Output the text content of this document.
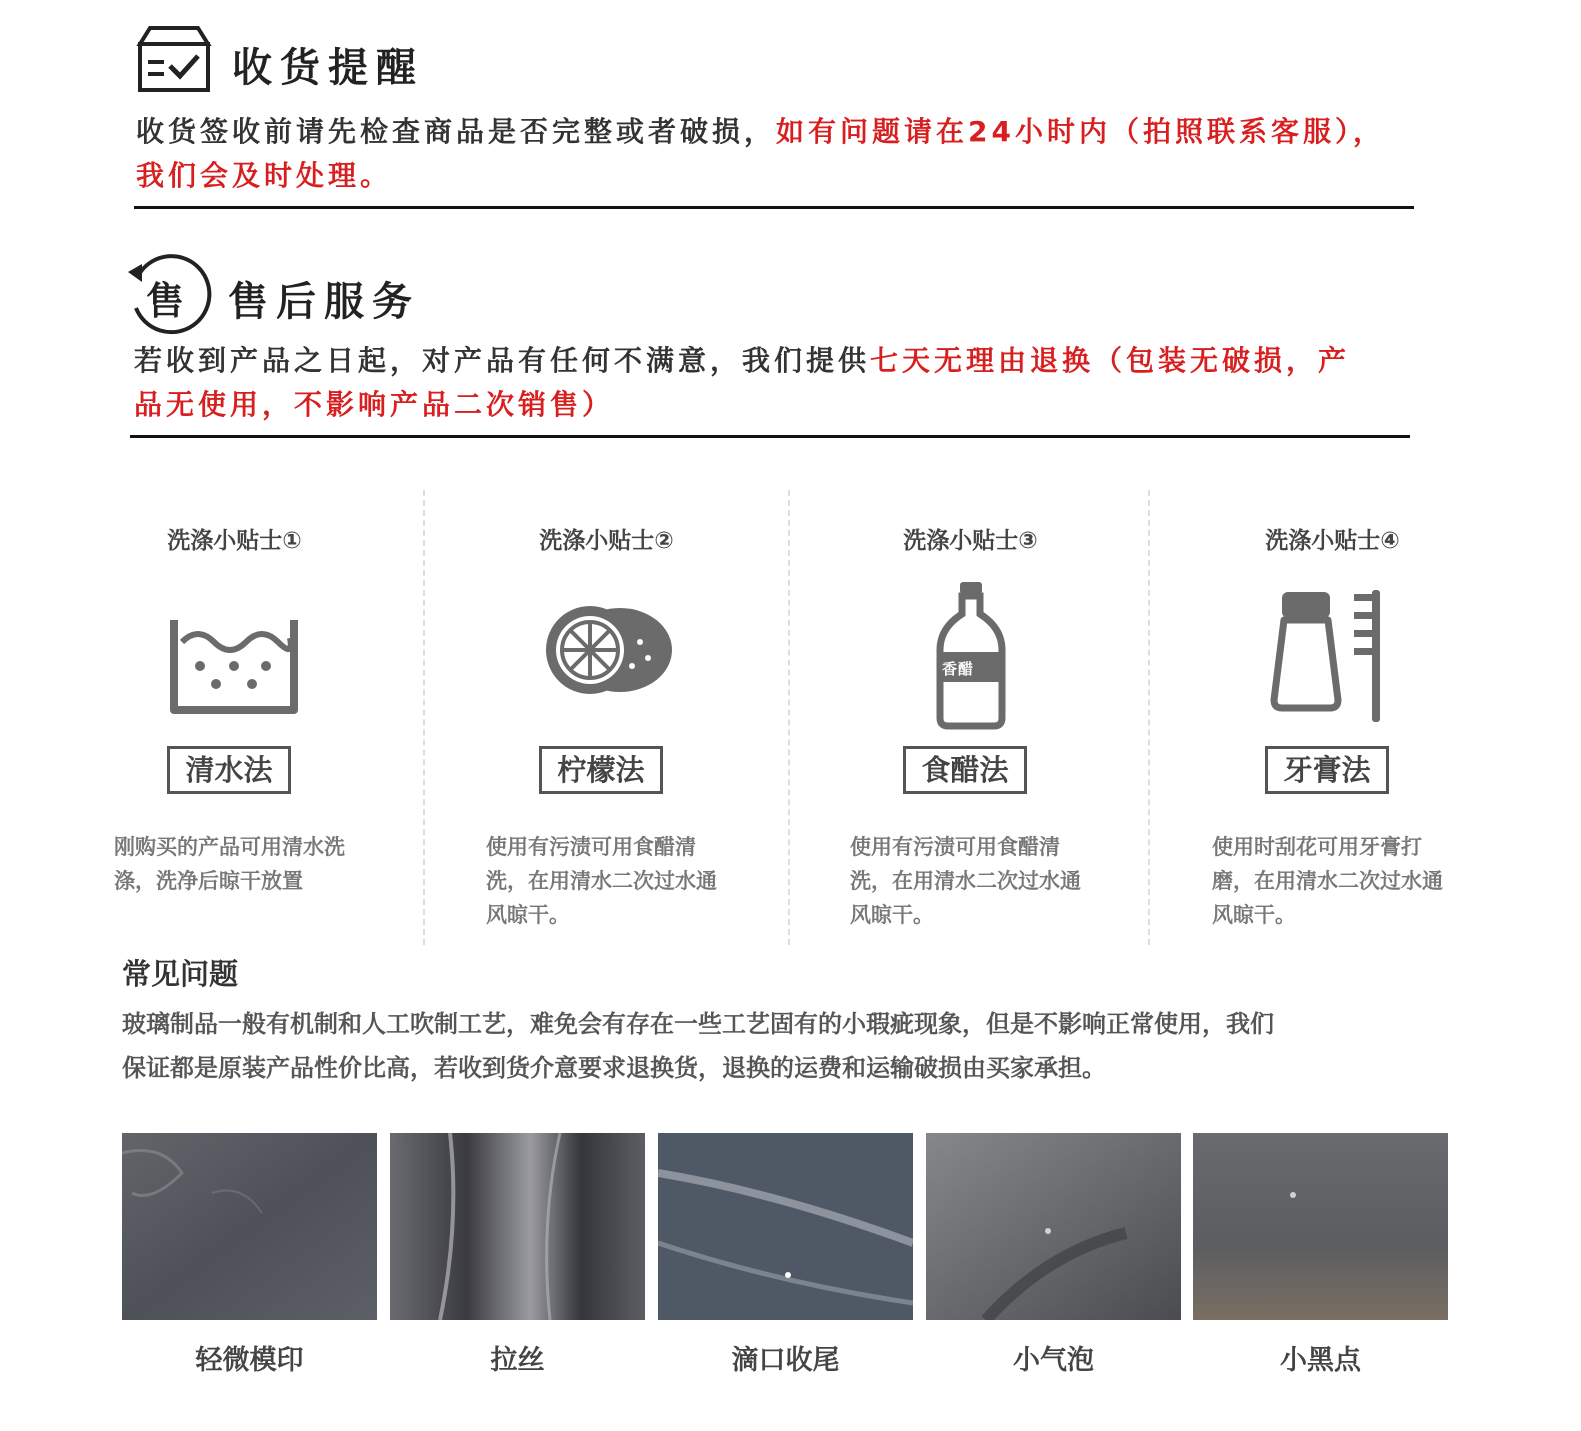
收货提醒
收货签收前请先检查商品是否完整或者破损，如有问题请在24小时内（拍照联系客服），
我们会及时处理。
售 售后服务
若收到产品之日起，对产品有任何不满意，我们提供七天无理由退换（包装无破损，产
品无使用，不影响产品二次销售）
洗涤小贴士①
清水法
刚购买的产品可用清水洗涤，洗净后晾干放置
洗涤小贴士②
柠檬法
使用有污渍可用食醋清洗，在用清水二次过水通风晾干。
洗涤小贴士③
香醋
食醋法
使用有污渍可用食醋清洗，在用清水二次过水通风晾干。
洗涤小贴士④
牙膏法
使用时刮花可用牙膏打磨，在用清水二次过水通风晾干。
常见问题
玻璃制品一般有机制和人工吹制工艺，难免会有存在一些工艺固有的小瑕疵现象，但是不影响正常使用，我们
保证都是原装产品性价比高，若收到货介意要求退换货，退换的运费和运输破损由买家承担。
轻微模印	拉丝	滴口收尾	小气泡	小黑点
